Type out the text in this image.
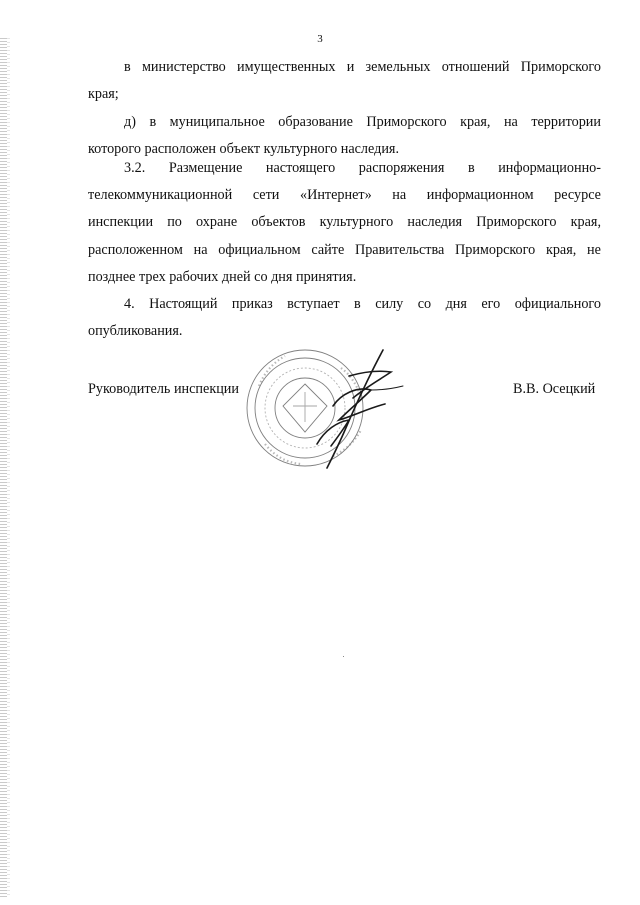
3
в министерство имущественных и земельных отношений Приморского
края;
д) в муниципальное образование Приморского края, на территории
которого расположен объект культурного наследия.
3.2. Размещение настоящего распоряжения в информационно-
телекоммуникационной сети «Интернет» на информационном ресурсе
инспекции по охране объектов культурного наследия Приморского края,
расположенном на официальном сайте Правительства Приморского края, не
позднее трех рабочих дней со дня принятия.
4. Настоящий приказ вступает в силу со дня его официального
опубликования.
Руководитель инспекции	В.В. Осецкий
